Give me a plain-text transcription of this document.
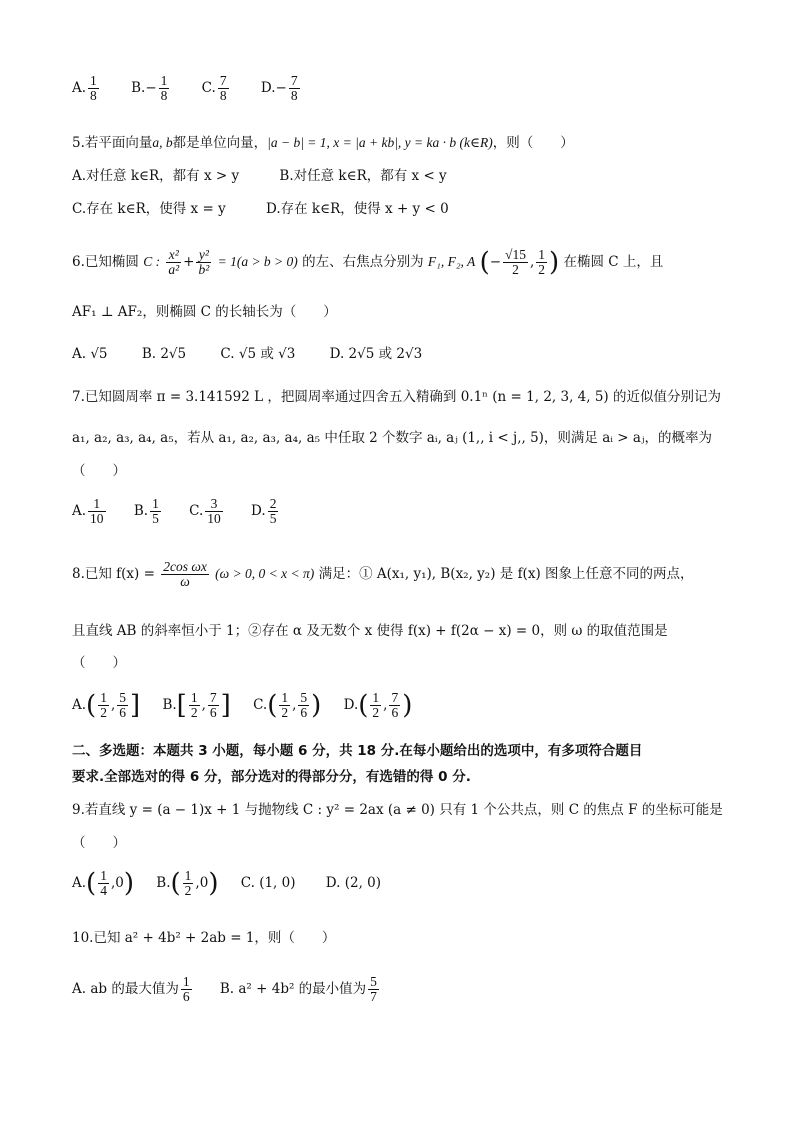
A. $\frac{1}{8} B.- \frac{1}{8} C$. $\frac{7}{8} D.- \frac{7}{8}$
5.若平面向量a, b都是单位向量，|a − b| = 1, x = |a + kb|, y = ka · b (k∈R)，则（　　）
A.对任意 k∈R，都有 x > y	B.对任意 k∈R，都有 x < y
C.存在 k∈R，使得 x = y	D.存在 k∈R，使得 x + y < 0
6.已知椭圆 C : $\frac{\text{x²}}{\text{a²}} + \frac{\text{y²}}{\text{b²}} = 1(a > b > 0)$ 的左、右焦点分别为 F₁, F₂, A (− $\frac{√15}{2}$ , $\frac{1}{2}$ ) 在椭圆 C 上，且
AF₁ ⊥ AF₂，则椭圆 C 的长轴长为（　　）
A. √5	B. 2√5	C. √5 或 √3	D. 2√5 或 2√3
7.已知圆周率 π = 3.141592 L ，把圆周率通过四舍五入精确到 0.1ⁿ (n = 1, 2, 3, 4, 5) 的近似值分别记为
a₁, a₂, a₃, a₄, a₅，若从 a₁, a₂, a₃, a₄, a₅ 中任取 2 个数字 aᵢ, aⱼ (1,, i < j,, 5)，则满足 aᵢ > aⱼ，的概率为
（　　）
A. $\frac{1}{10} B$. $\frac{1}{5} C$. $\frac{3}{10} D$. $\frac{2}{5}$
8.已知 $f(x) = \frac{\text{2cos ωx}}{\omega} (\omega > 0$, 0 < x < π) 满足：① A(x₁, y₁), B(x₂, y₂) 是 f(x) 图象上任意不同的两点，
且直线 AB 的斜率恒小于 1；②存在 α 及无数个 x 使得 f(x) + f(2α − x) = 0，则 ω 的取值范围是
（　　）
$A.( \frac{1}{2}$ , $\frac{5}{6}$ ] $B.[ \frac{1}{2}$ , $\frac{7}{6}$ ] $C.( \frac{1}{2}$ , $\frac{5}{6}$ ) $D.( \frac{1}{2}$ , $\frac{7}{6}$ )
二、多选题：本题共 3 小题，每小题 6 分，共 18 分.在每小题给出的选项中，有多项符合题目
要求.全部选对的得 6 分，部分选对的得部分分，有选错的得 0 分.
9.若直线 y = (a − 1)x + 1 与抛物线 C : y² = 2ax (a ≠ 0) 只有 1 个公共点，则 C 的焦点 F 的坐标可能是
（　　）
$A.( \frac{1}{4} ,0)$ $B.( \frac{1}{2} ,0)$ C. (1, 0) D. (2, 0)
10.已知 a² + 4b² + 2ab = 1，则（　　）
A. ab 的最大值为 $\frac{1}{6} B$. a² + 4b² 的最小值为 $\frac{5}{7}$
